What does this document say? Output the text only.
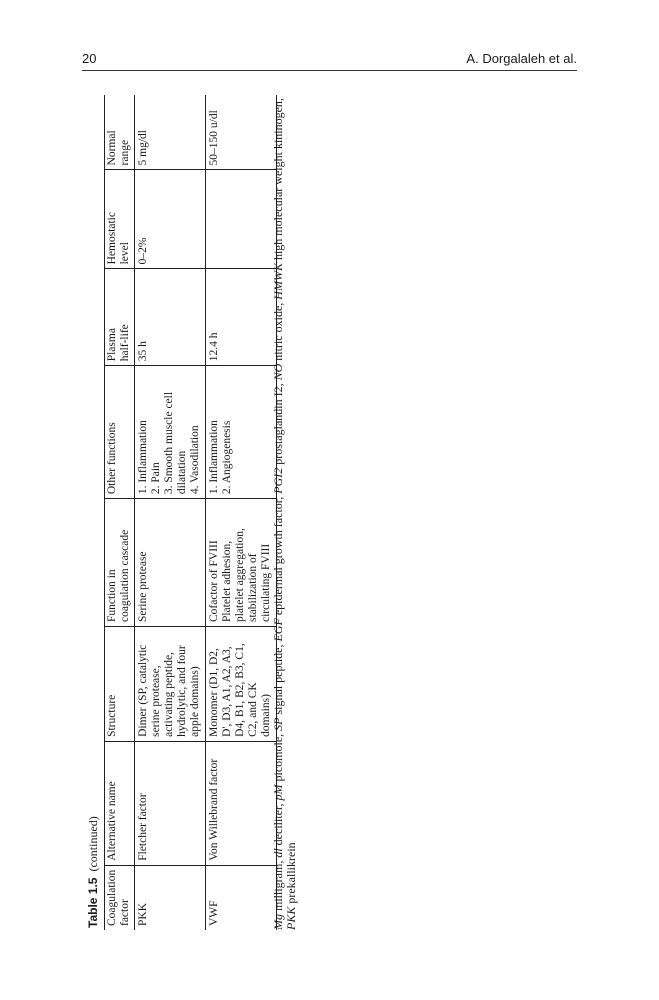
20	A. Dorgalaleh et al.
Table 1.5(continued)
Coagulation
factor	Alternative name	Structure	Function in
coagulation cascade	Other functions	Plasma
half-life	Hemostatic
level	Normal
range
PKK	Fletcher factor	Dimer (SP, catalytic
serine protease,
activating peptide,
hydrolytic, and four
apple domains)	Serine protease	1. Inflammation
2. Pain
3. Smooth muscle cell
dilatation
4. Vasodilation	35 h	0–2%	5 mg/dl
VWF	Von Willebrand factor	Monomer (D1, D2,
D', D3, A1, A2, A3,
D4, B1, B2, B3, C1,
C2, and CK
domains)	Cofactor of FVIII
Platelet adhesion,
platelet aggregation,
stabilization of
circulating FVIII	1. Inflammation
2. Angiogenesis	12.4 h		50–150 u/dl
Mg milligram, dl deciliter, pM picomole, SP signal peptide, EGF epidermal growth factor, PGI2 prostaglandin I2, NO nitric oxide, HMWK high molecular weight kininogen, PKK prekallikrein
